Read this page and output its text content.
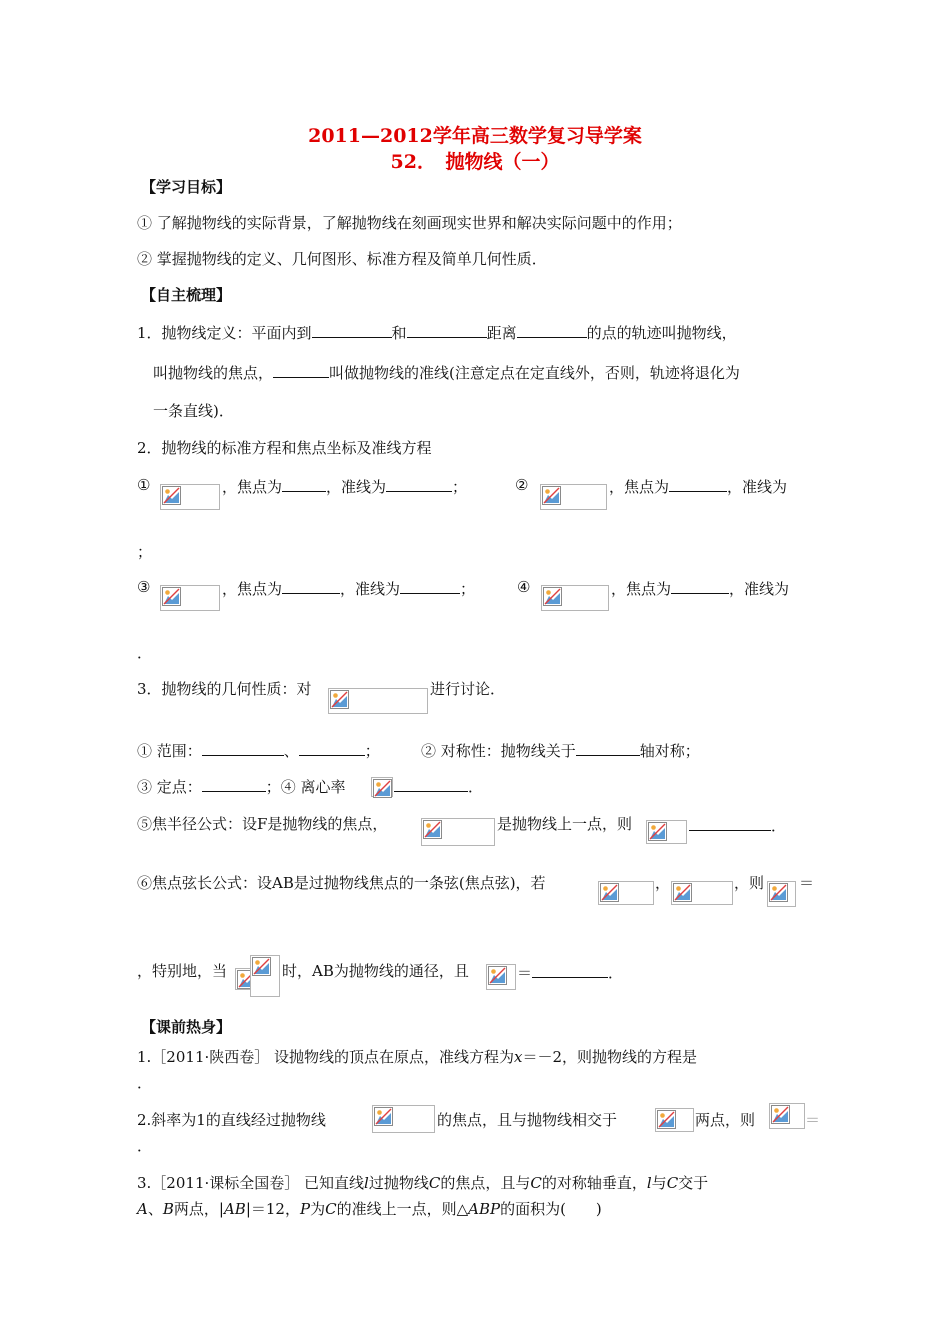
2011—2012学年高三数学复习导学案
52．　抛物线（一）
【学习目标】
① 了解抛物线的实际背景，了解抛物线在刻画现实世界和解决实际问题中的作用；
② 掌握抛物线的定义、几何图形、标准方程及简单几何性质．
【自主梳理】
1．抛物线定义：平面内到	和	距离	的点的轨迹叫抛物线，
叫抛物线的焦点，	叫做抛物线的准线(注意定点在定直线外，否则，轨迹将退化为
一条直线)．
2．抛物线的标准方程和焦点坐标及准线方程
①	，焦点为	，准线为	；	②	，焦点为	，准线为
；
③	，焦点为	，准线为	；	④	，焦点为	，准线为
．
3．抛物线的几何性质：对	进行讨论．
① 范围：	、	；	② 对称性：抛物线关于	轴对称；
③ 定点：	；④ 离心率	．
⑤焦半径公式：设F是抛物线的焦点，	是抛物线上一点，则	．
⑥焦点弦长公式：设AB是过抛物线焦点的一条弦(焦点弦)，若	，	，则 ＝
，特别地，当	时，AB为抛物线的通径，且	＝	．
【课前热身】
1.［2011·陕西卷］ 设抛物线的顶点在原点，准线方程为x＝－2，则抛物线的方程是
．
2.斜率为1的直线经过抛物线	的焦点，且与抛物线相交于	两点，则	＝
．
3.［2011·课标全国卷］ 已知直线l过抛物线C的焦点，且与C的对称轴垂直，l与C交于
A、B两点，|AB|＝12，P为C的准线上一点，则△ABP的面积为(　　)
